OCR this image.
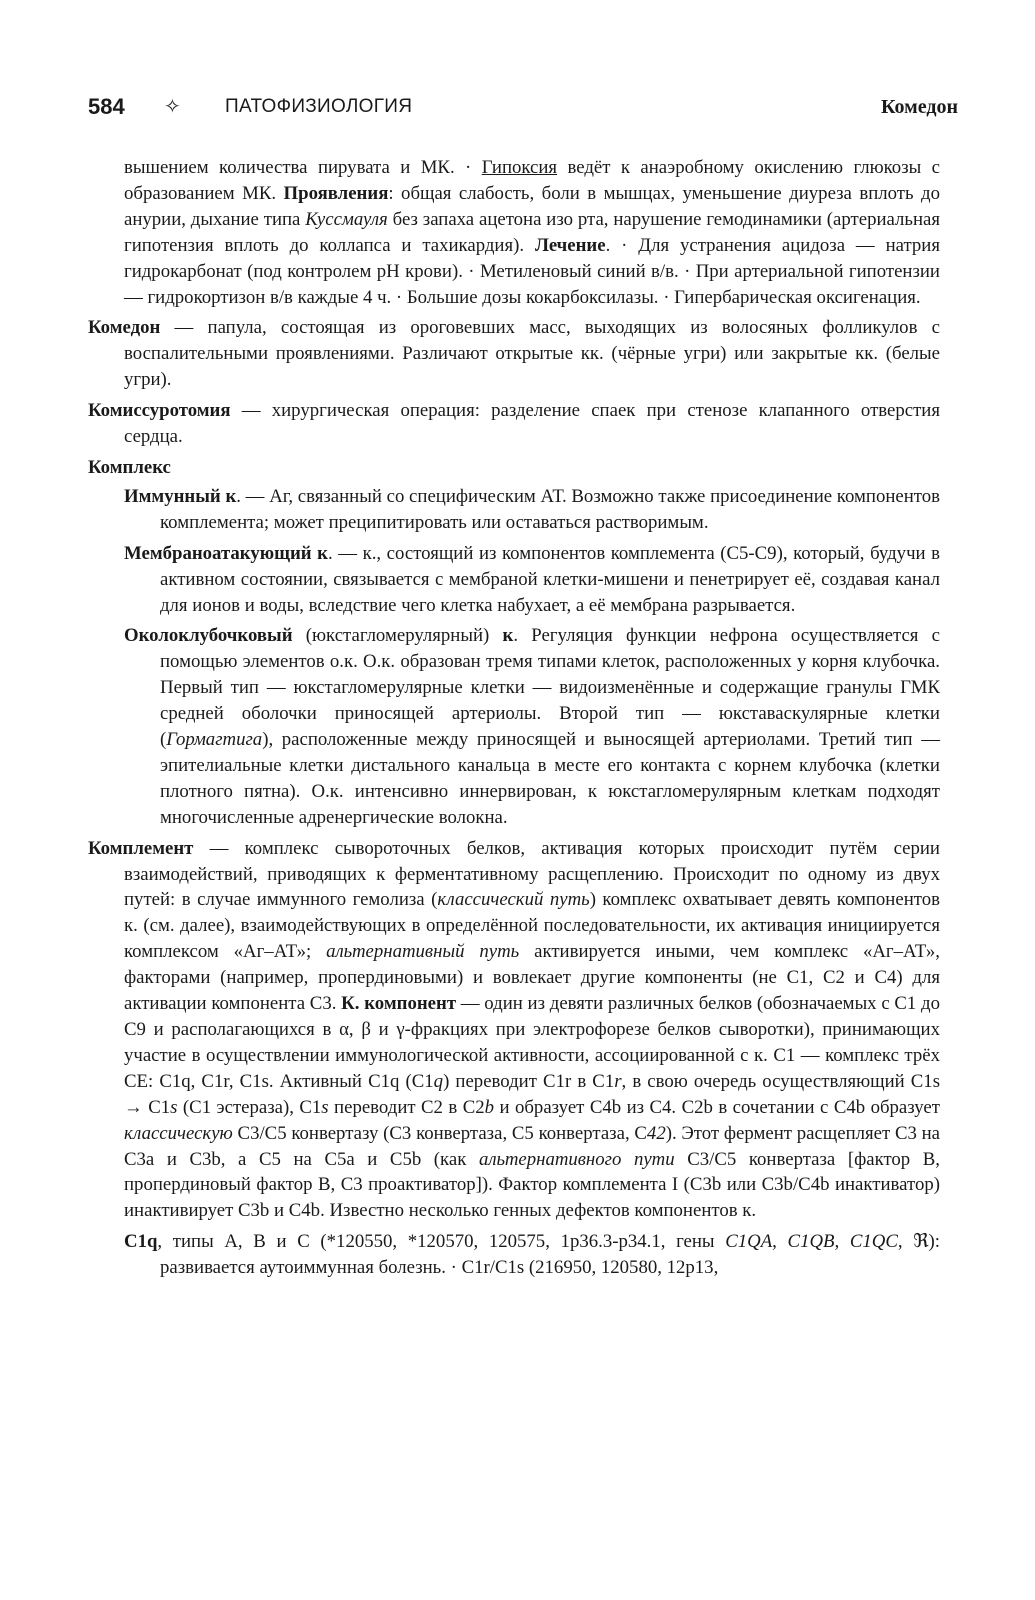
584 ✧ ПАТОФИЗИОЛОГИЯ	Комедон

вышением количества пирувата и МК. · Гипоксия ведёт к анаэробному окислению глюкозы с образованием МК. Проявления: общая слабость, боли в мышцах, уменьшение диуреза вплоть до анурии, дыхание типа Куссмауля без запаха ацетона изо рта, нарушение гемодинамики (артериальная гипотензия вплоть до коллапса и тахикардия). Лечение. · Для устранения ацидоза — натрия гидрокарбонат (под контролем pH крови). · Метиленовый синий в/в. · При артериальной гипотензии — гидрокортизон в/в каждые 4 ч. · Большие дозы кокарбоксилазы. · Гипербарическая оксигенация.

Комедон — папула, состоящая из ороговевших масс, выходящих из волосяных фолликулов с воспалительными проявлениями. Различают открытые кк. (чёрные угри) или закрытые кк. (белые угри).

Комиссуротомия — хирургическая операция: разделение спаек при стенозе клапанного отверстия сердца.

Комплекс

Иммунный к. — Аг, связанный со специфическим АТ. Возможно также присоединение компонентов комплемента; может преципитировать или оставаться растворимым.

Мембраноатакующий к. — к., состоящий из компонентов комплемента (С5-С9), который, будучи в активном состоянии, связывается с мембраной клетки-мишени и пенетрирует её, создавая канал для ионов и воды, вследствие чего клетка набухает, а её мембрана разрывается.

Околоклубочковый (юкстагломерулярный) к. Регуляция функции нефрона осуществляется с помощью элементов о.к. О.к. образован тремя типами клеток, расположенных у корня клубочка. Первый тип — юкстагломерулярные клетки — видоизменённые и содержащие гранулы ГМК средней оболочки приносящей артериолы. Второй тип — юкставаскулярные клетки (Гормагтига), расположенные между приносящей и выносящей артериолами. Третий тип — эпителиальные клетки дистального канальца в месте его контакта с корнем клубочка (клетки плотного пятна). О.к. интенсивно иннервирован, к юкстагломерулярным клеткам подходят многочисленные адренергические волокна.

Комплемент — комплекс сывороточных белков, активация которых происходит путём серии взаимодействий, приводящих к ферментативному расщеплению. Происходит по одному из двух путей: в случае иммунного гемолиза (классический путь) комплекс охватывает девять компонентов к. (см. далее), взаимодействующих в определённой последовательности, их активация инициируется комплексом «Аг–АТ»; альтернативный путь активируется иными, чем комплекс «Аг–АТ», факторами (например, пропердиновыми) и вовлекает другие компоненты (не С1, С2 и С4) для активации компонента С3. К. компонент — один из девяти различных белков (обозначаемых с С1 до С9 и располагающихся в α, β и γ-фракциях при электрофорезе белков сыворотки), принимающих участие в осуществлении иммунологической активности, ассоциированной с к. С1 — комплекс трёх СЕ: C1q, C1r, C1s. Активный C1q (C1q) переводит C1r в C1r, в свою очередь осуществляющий C1s → C1s (С1 эстераза), C1s переводит С2 в С2b и образует С4b из С4. С2b в сочетании с С4b образует классическую С3/С5 конвертазу (С3 конвертаза, С5 конвертаза, С42). Этот фермент расщепляет С3 на С3а и С3b, а С5 на С5а и С5b (как альтернативного пути С3/С5 конвертаза [фактор В, пропердиновый фактор В, С3 проактиватор]). Фактор комплемента I (С3b или С3b/С4b инактиватор) инактивирует С3b и С4b. Известно несколько генных дефектов компонентов к.

C1q, типы А, В и С (*120550, *120570, 120575, 1р36.3-р34.1, гены C1QA, C1QB, C1QC, ℜ): развивается аутоиммунная болезнь. · C1r/C1s (216950, 120580, 12р13,
